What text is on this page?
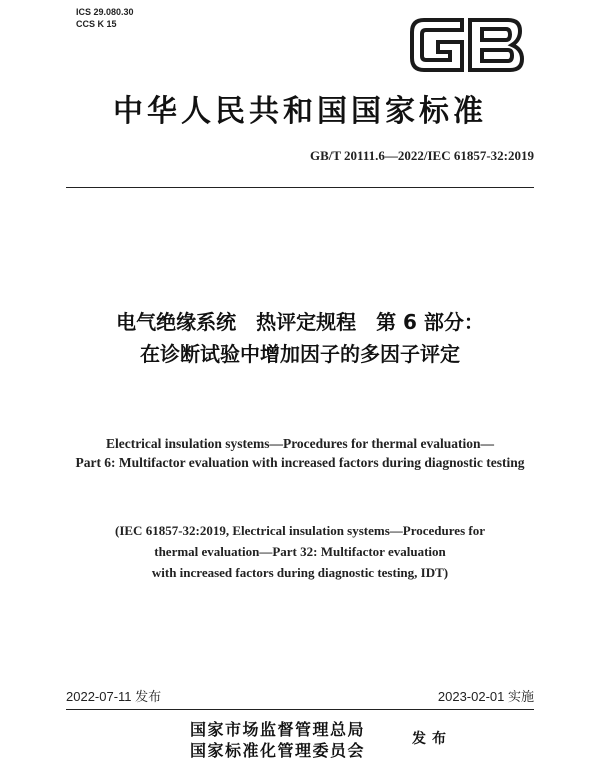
ICS 29.080.30
CCS K 15
中华人民共和国国家标准
GB/T 20111.6—2022/IEC 61857-32:2019
电气绝缘系统　热评定规程　第 6 部分：
在诊断试验中增加因子的多因子评定
Electrical insulation systems—Procedures for thermal evaluation—
Part 6: Multifactor evaluation with increased factors during diagnostic testing
(IEC 61857-32:2019, Electrical insulation systems—Procedures for
thermal evaluation—Part 32: Multifactor evaluation
with increased factors during diagnostic testing, IDT)
2022-07-11 发布	2023-02-01 实施
国家市场监督管理总局
国家标准化管理委员会
发布
